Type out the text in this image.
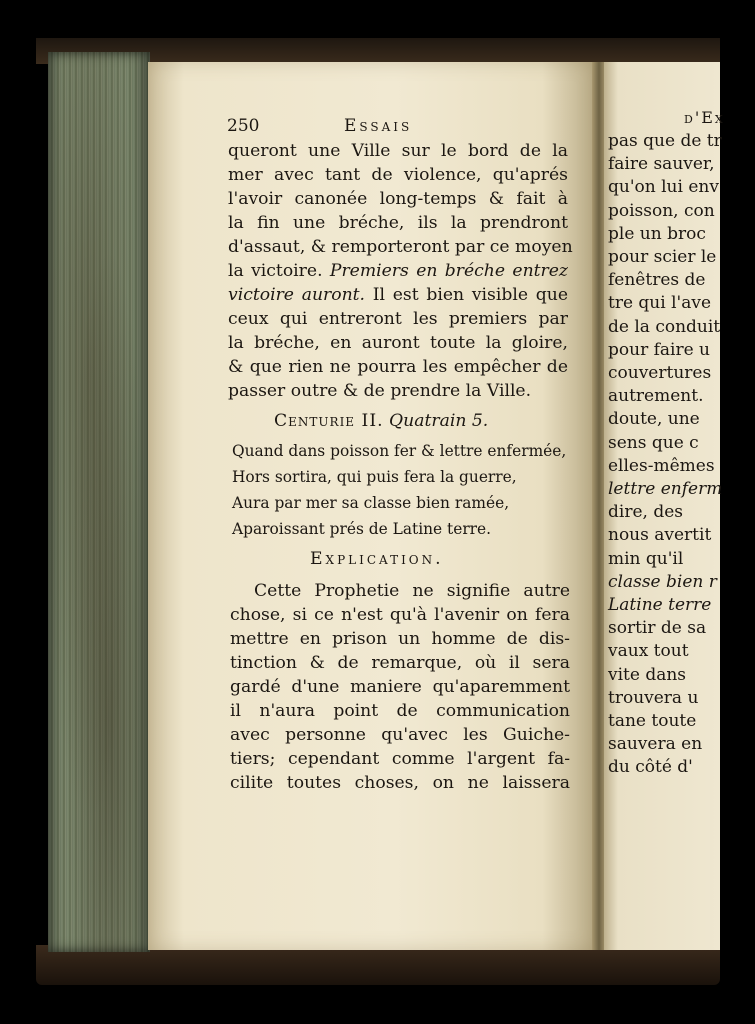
250	Essais
queront une Ville sur le bord de la
mer avec tant de violence, qu'aprés
l'avoir canonée long-temps & fait à
la fin une bréche, ils la prendront
d'assaut, & remporteront par ce moyen
la victoire. Premiers en bréche entrez
victoire auront. Il est bien visible que
ceux qui entreront les premiers par
la bréche, en auront toute la gloire,
& que rien ne pourra les empêcher de
passer outre & de prendre la Ville.
Centurie II. Quatrain 5.
Quand dans poisson fer & lettre enfermée,
Hors sortira, qui puis fera la guerre,
Aura par mer sa classe bien ramée,
Aparoissant prés de Latine terre.
Explication.
Cette Prophetie ne signifie autre
chose, si ce n'est qu'à l'avenir on fera
mettre en prison un homme de dis-
tinction & de remarque, où il sera
gardé d'une maniere qu'aparemment
il n'aura point de communication
avec personne qu'avec les Guiche-
tiers; cependant comme l'argent fa-
cilite toutes choses, on ne laissera
d'Ex
pas que de tr
faire sauver,
qu'on lui env
poisson, con
ple un broc
pour scier le
fenêtres de
tre qui l'ave
de la conduit
pour faire u
couvertures
autrement.
doute, une
sens que c
elles-mêmes
lettre enferm
dire, des
nous avertit
min qu'il
classe bien r
Latine terre
sortir de sa
vaux tout
vite dans
trouvera u
tane toute
sauvera en
du côté d'
